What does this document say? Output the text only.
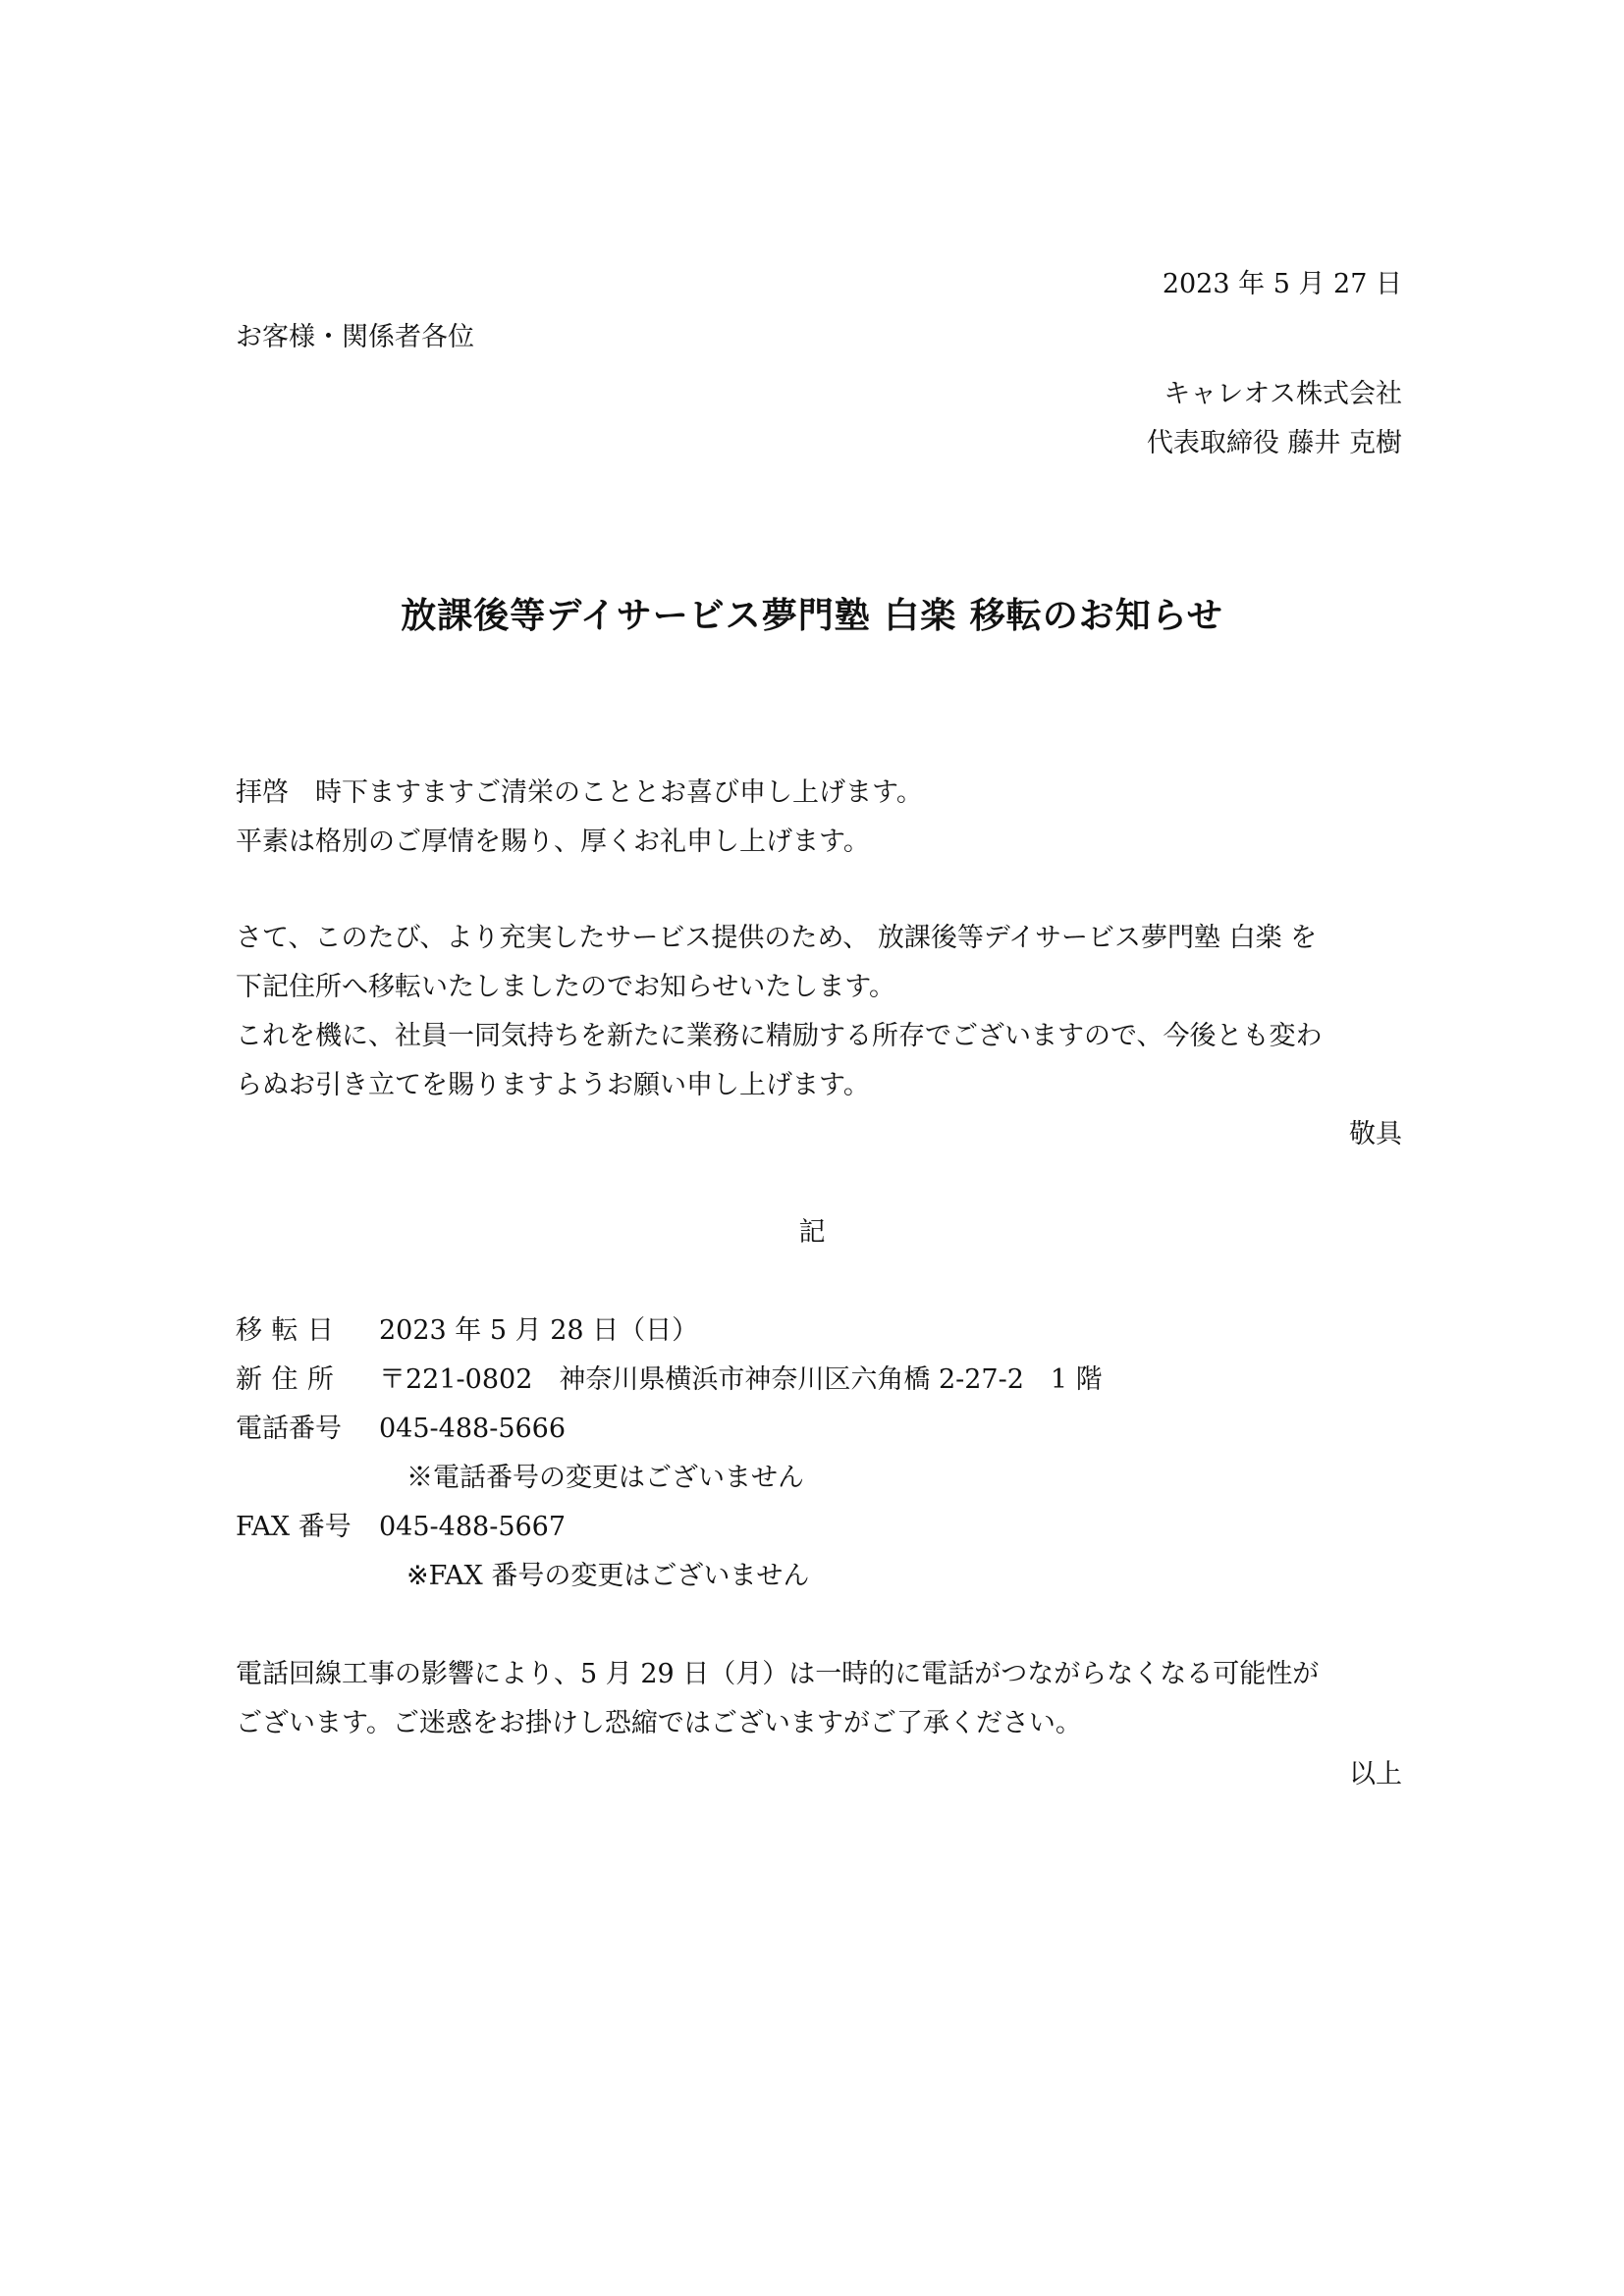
2023 年 5 月 27 日
お客様・関係者各位
キャレオス株式会社
代表取締役 藤井 克樹
放課後等デイサービス夢門塾 白楽 移転のお知らせ
拝啓　時下ますますご清栄のこととお喜び申し上げます。
平素は格別のご厚情を賜り、厚くお礼申し上げます。
さて、このたび、より充実したサービス提供のため、 放課後等デイサービス夢門塾 白楽 を
下記住所へ移転いたしましたのでお知らせいたします。
これを機に、社員一同気持ちを新たに業務に精励する所存でございますので、今後とも変わ
らぬお引き立てを賜りますようお願い申し上げます。
敬具
記
移転日 2023 年 5 月 28 日（日）
新住所 〒221-0802　神奈川県横浜市神奈川区六角橋 2-27-2　1 階
電話番号 045-488-5666
※電話番号の変更はございません
FAX 番号 045-488-5667
※FAX 番号の変更はございません
電話回線工事の影響により、5 月 29 日（月）は一時的に電話がつながらなくなる可能性が
ございます。ご迷惑をお掛けし恐縮ではございますがご了承ください。
以上
